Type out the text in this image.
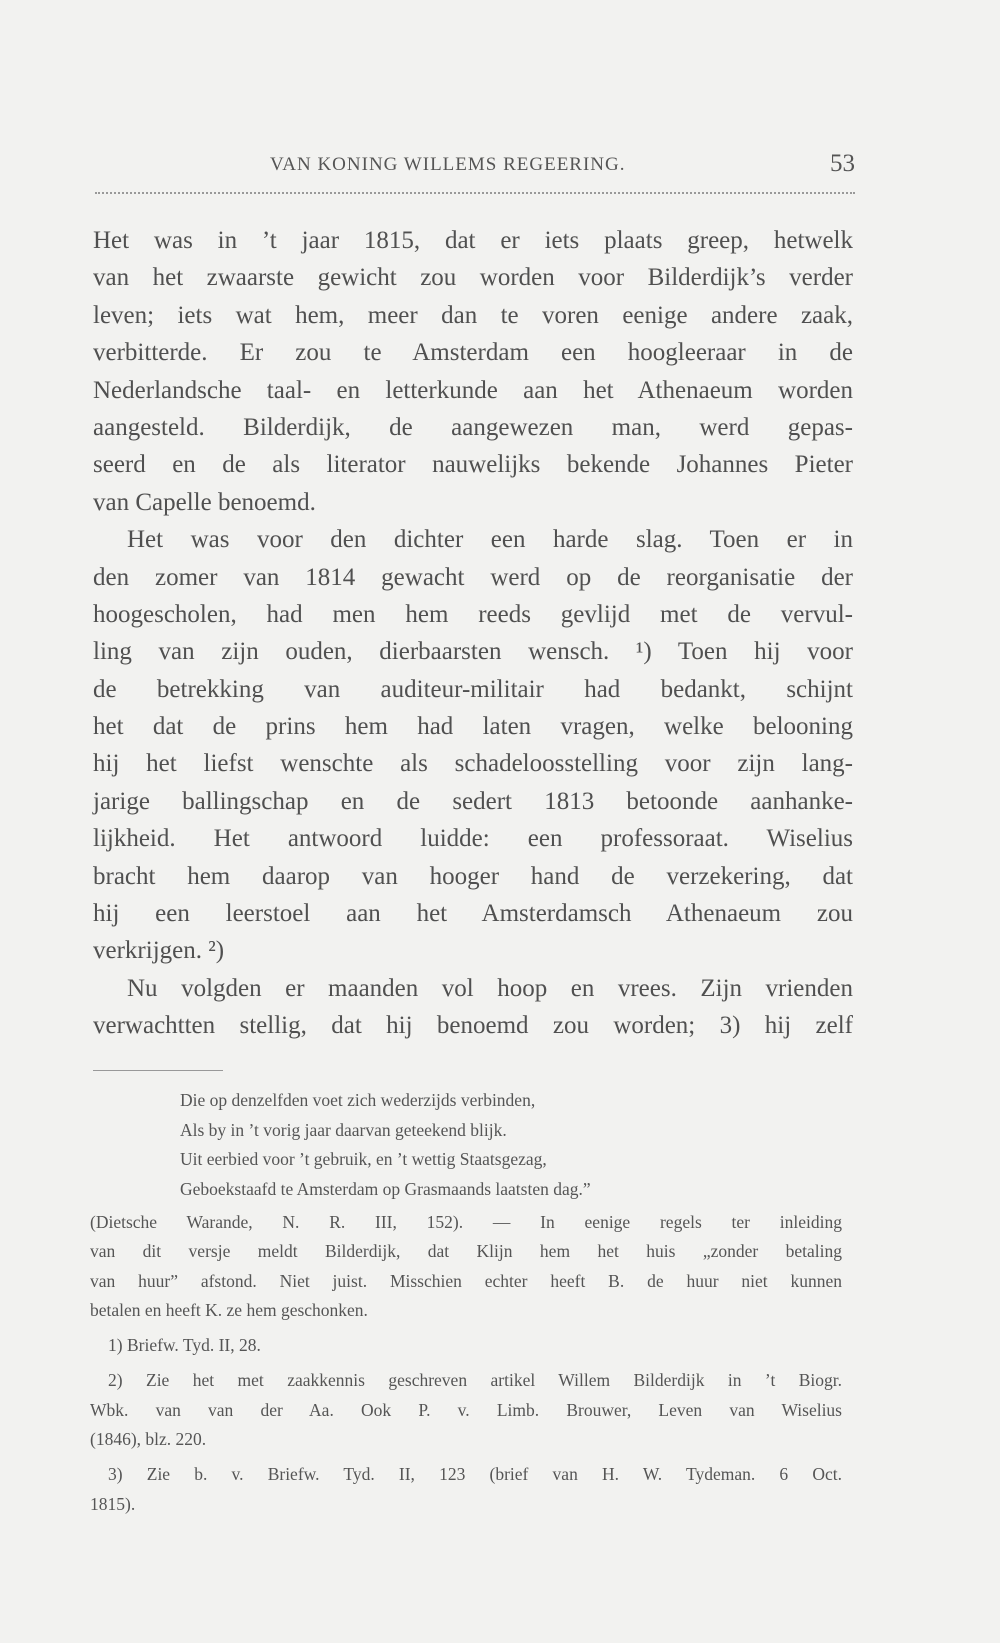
VAN KONING WILLEMS REGEERING.	53
Het was in ’t jaar 1815, dat er iets plaats greep, hetwelk
van het zwaarste gewicht zou worden voor Bilderdijk’s verder
leven; iets wat hem, meer dan te voren eenige andere zaak,
verbitterde. Er zou te Amsterdam een hoogleeraar in de
Nederlandsche taal- en letterkunde aan het Athenaeum worden
aangesteld. Bilderdijk, de aangewezen man, werd gepas-
seerd en de als literator nauwelijks bekende Johannes Pieter
van Capelle benoemd.
Het was voor den dichter een harde slag. Toen er in
den zomer van 1814 gewacht werd op de reorganisatie der
hoogescholen, had men hem reeds gevlijd met de vervul-
ling van zijn ouden, dierbaarsten wensch. ¹) Toen hij voor
de betrekking van auditeur-militair had bedankt, schijnt
het dat de prins hem had laten vragen, welke belooning
hij het liefst wenschte als schadeloosstelling voor zijn lang-
jarige ballingschap en de sedert 1813 betoonde aanhanke-
lijkheid. Het antwoord luidde: een professoraat. Wiselius
bracht hem daarop van hooger hand de verzekering, dat
hij een leerstoel aan het Amsterdamsch Athenaeum zou
verkrijgen. ²)
Nu volgden er maanden vol hoop en vrees. Zijn vrienden
verwachtten stellig, dat hij benoemd zou worden; 3) hij zelf
Die op denzelfden voet zich wederzijds verbinden,
Als by in ’t vorig jaar daarvan geteekend blijk.
Uit eerbied voor ’t gebruik, en ’t wettig Staatsgezag,
Geboekstaafd te Amsterdam op Grasmaands laatsten dag.”
(Dietsche Warande, N. R. III, 152). — In eenige regels ter inleiding
van dit versje meldt Bilderdijk, dat Klijn hem het huis „zonder betaling
van huur” afstond. Niet juist. Misschien echter heeft B. de huur niet kunnen
betalen en heeft K. ze hem geschonken.
1) Briefw. Tyd. II, 28.
2) Zie het met zaakkennis geschreven artikel Willem Bilderdijk in ’t Biogr.
Wbk. van van der Aa. Ook P. v. Limb. Brouwer, Leven van Wiselius
(1846), blz. 220.
3) Zie b. v. Briefw. Tyd. II, 123 (brief van H. W. Tydeman. 6 Oct.
1815).
